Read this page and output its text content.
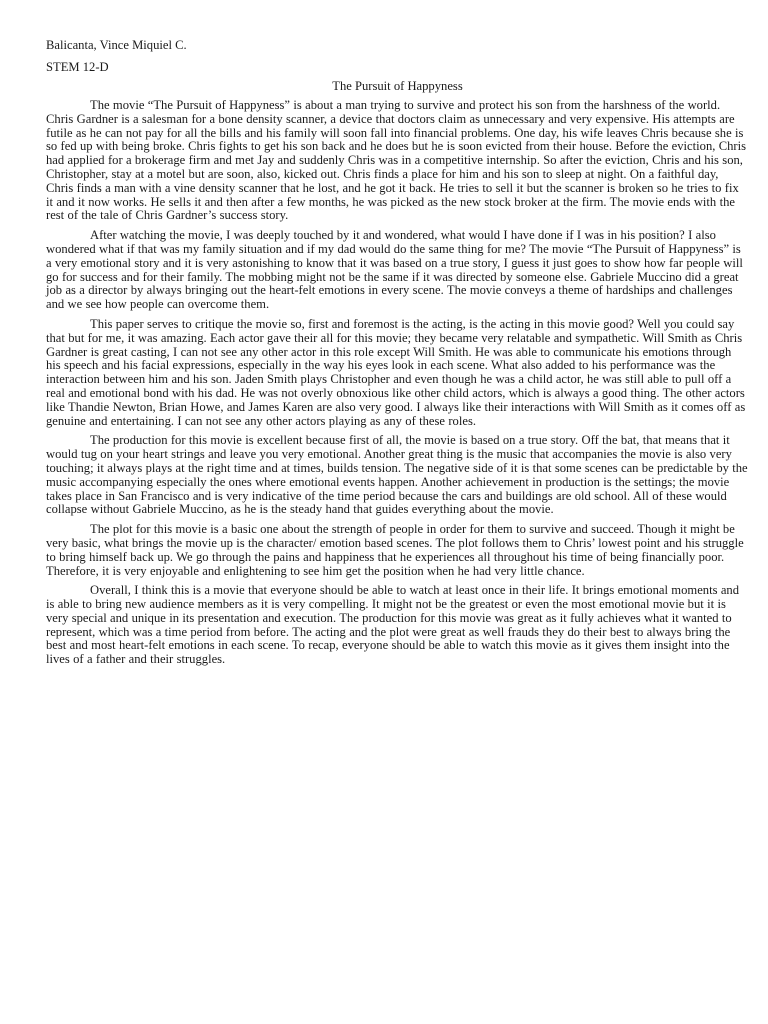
Balicanta, Vince Miquiel C.
STEM 12-D
The Pursuit of Happyness

The movie “The Pursuit of Happyness” is about a man trying to survive and protect his son from the harshness of the world. Chris Gardner is a salesman for a bone density scanner, a device that doctors claim as unnecessary and very expensive. His attempts are futile as he can not pay for all the bills and his family will soon fall into financial problems. One day, his wife leaves Chris because she is so fed up with being broke. Chris fights to get his son back and he does but he is soon evicted from their house. Before the eviction, Chris had applied for a brokerage firm and met Jay and suddenly Chris was in a competitive internship. So after the eviction, Chris and his son, Christopher, stay at a motel but are soon, also, kicked out. Chris finds a place for him and his son to sleep at night. On a faithful day, Chris finds a man with a vine density scanner that he lost, and he got it back. He tries to sell it but the scanner is broken so he tries to fix it and it now works. He sells it and then after a few months, he was picked as the new stock broker at the firm. The movie ends with the rest of the tale of Chris Gardner’s success story.

After watching the movie, I was deeply touched by it and wondered, what would I have done if I was in his position? I also wondered what if that was my family situation and if my dad would do the same thing for me? The movie “The Pursuit of Happyness” is a very emotional story and it is very astonishing to know that it was based on a true story, I guess it just goes to show how far people will go for success and for their family. The mobbing might not be the same if it was directed by someone else. Gabriele Muccino did a great job as a director by always bringing out the heart-felt emotions in every scene. The movie conveys a theme of hardships and challenges and we see how people can overcome them.

This paper serves to critique the movie so, first and foremost is the acting, is the acting in this movie good? Well you could say that but for me, it was amazing. Each actor gave their all for this movie; they became very relatable and sympathetic. Will Smith as Chris Gardner is great casting, I can not see any other actor in this role except Will Smith. He was able to communicate his emotions through his speech and his facial expressions, especially in the way his eyes look in each scene. What also added to his performance was the interaction between him and his son. Jaden Smith plays Christopher and even though he was a child actor, he was still able to pull off a real and emotional bond with his dad. He was not overly obnoxious like other child actors, which is always a good thing. The other actors like Thandie Newton, Brian Howe, and James Karen are also very good. I always like their interactions with Will Smith as it comes off as genuine and entertaining. I can not see any other actors playing as any of these roles.

The production for this movie is excellent because first of all, the movie is based on a true story. Off the bat, that means that it would tug on your heart strings and leave you very emotional. Another great thing is the music that accompanies the movie is also very touching; it always plays at the right time and at times, builds tension. The negative side of it is that some scenes can be predictable by the music accompanying especially the ones where emotional events happen. Another achievement in production is the settings; the movie takes place in San Francisco and is very indicative of the time period because the cars and buildings are old school. All of these would collapse without Gabriele Muccino, as he is the steady hand that guides everything about the movie.

The plot for this movie is a basic one about the strength of people in order for them to survive and succeed. Though it might be very basic, what brings the movie up is the character/ emotion based scenes. The plot follows them to Chris’ lowest point and his struggle to bring himself back up. We go through the pains and happiness that he experiences all throughout his time of being financially poor. Therefore, it is very enjoyable and enlightening to see him get the position when he had very little chance.

Overall, I think this is a movie that everyone should be able to watch at least once in their life. It brings emotional moments and is able to bring new audience members as it is very compelling. It might not be the greatest or even the most emotional movie but it is very special and unique in its presentation and execution. The production for this movie was great as it fully achieves what it wanted to represent, which was a time period from before. The acting and the plot were great as well frauds they do their best to always bring the best and most heart-felt emotions in each scene. To recap, everyone should be able to watch this movie as it gives them insight into the lives of a father and their struggles.
